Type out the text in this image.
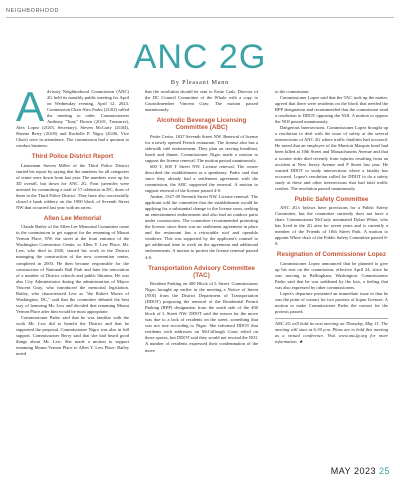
NEIGHBORHOOD
ANC 2G
By Pleasant Mann
A dvisory Neighborhood Commission (ANC) 2G held its monthly public meeting for April on Wednesday evening, April 12, 2023. Commission Chair Alex Padro (2G02) called the meeting to order. Commissioners Anthony "Tony" Brown (2G01, Treasurer), Alex Lopez (2G03, Secretary), Steven McCarty (2G04), Sheena Berry (2G05) and Rachelle P. Nigro (2G06, Vice Chair) were in attendance. The commission had a quorum to conduct business.

Third Police District Report

Lieutenant Steven Miller of the Third Police District started his report by saying that the numbers for all categories of crime were down from last year. The numbers were up for 3D overall, but down for ANC 2G. Four juveniles were arrested for committing a total of 17 robberies in DC, three of them in the Third Police District. They have also successfully closed a bank robbery on the 1900 block of Seventh Street NW that occurred last year with an arrest.

Allen Lee Memorial

Claude Bailey of the Allen Lee Memorial Committee came to the commission to get support for the renaming of Mount Vernon Place, NW, the street at the front entrance of the Washington Convention Center, to Allen Y. Lew Place. Mr. Lew, who died in 2020, started his work in the District managing the construction of the new convention center, completed in 2003. He then became responsible for the construction of Nationals Ball Park and later the renovation of a number of District schools and public libraries. He was also City Administrator during the administration of Mayor Vincent Gray, who introduced the memorial legislation. Bailey, who characterized Lew as "the Robert Moses of Washington, DC," said that the committee debated the best way of honoring Mr. Lew and decided that renaming Mount Vernon Place after him would be most appropriate.

Commissioner Padro said that he was familiar with the work Mr. Lew did to benefit the District and that he supported the proposal. Commissioner Nigro was also in full support. Commissioner Berry said that she had heard good things about Mr. Lew. She made a motion to support renaming Mount Vernon Place to Allen Y. Lew Place. Bailey noted

that the resolution should be sent to Ernie Cash, Director of the DC Council Committee of the Whole with a copy to Councilmember Vincent Gray. The motion passed unanimously.

Alcoholic Beverage Licensing Committee (ABC)

Petite Cerise, 1027 Seventh Street NW. Renewal of license for a newly opened French restaurant. The license also has a sidewalk café endorsement. They plan on serving breakfast, lunch and dinner. Commissioner Nigro made a motion to support the license renewal. The motion passed unanimously.

600 T, 600 T Street NW. License renewal. The owner described the establishment as a speakeasy. Padro said that since they already had a settlement agreement with the commission, the ABC supported the renewal. A motion to support renewal of the license passed 4-0.

Ambar, 1547-49 Seventh Street NW. License renewal. The applicant told the committee that the establishment would be applying for a substantial change to the license soon, seeking an entertainment endorsement and also had an outdoor patio under construction. The committee recommended protesting the license, since there was no settlement agreement in place and the restaurant has a retractable roof and operable windows. This was supported by the applicant's counsel to get additional time to work on the agreement and additional endorsements. A motion to protest the license renewal passed 4-0.

Transportation Advisory Committee (TAC)

Resident Parking on 400 Block of L Street. Commissioner Nigro brought up earlier in the meeting a Notice of Intent (NOI) from the District Department of Transportation (DDOT) proposing the removal of the Residential Permit Parking (RPP) designation from the north side of the 400 block of L Street NW. DDOT said the reason for the move was due to a lack of residents on the street, something that was not true according to Nigro. She informed DDOT that residents with addresses on McCullough Court relied on those spaces, but DDOT said they would not rescind the NOI. A number of residents expressed their condemnation of the move

to the commission.

Commissioner Lopez said that the TAC took up the matter, agreed that there were residents on the block that needed the RPP designation and recommended that the commission send a resolution to DDOT opposing the NOI. A motion to oppose the NOI passed unanimously.

Dangerous Intersections. Commissioner Lopez brought up a resolution to deal with the issue of safety at the several intersections of ANC 2G where traffic fatalities had occurred. He noted that an employee of the Marriott Marquis hotel had been killed at 10th Street and Massachusetts Avenue and that a scooter rider died recently from injuries resulting from an accident at New Jersey Avenue and P Street last year. He wanted DDOT to study intersections where a fatality has occurred. Lopez's resolution called for DDOT to do a safety study at these and other intersections that had fatal traffic crashes. The resolution passed unanimously.

Public Safety Committee

ANC 2G's bylaws have provisions for a Public Safety Committee, but the committee currently does not have a chair. Commissioner McCarty nominated Dylan White, who has lived in the 2G area for seven years and is currently a member of the Friends of 10th Street Park. A motion to appoint White chair of the Public Safety Committee passed 6-0.

Resignation of Commissioner Lopez

Commissioner Lopez announced that he planned to give up his seat on the commission, effective April 24, since he was moving to Bellingham, Washington. Commissioner Padro said that he was saddened by the loss, a feeling that was also expressed by other commissioners.

Lopez's departure presented an immediate issue in that he was the point of contact for two protests of liquor licenses. A motion to make Commissioner Padro the contact for the protests passed.

ANC 2G will hold its next meeting on Thursday, May 11. The meeting will start at 6:30 p.m. Plans are to hold this meeting as a virtual conference. Visit www.anc2g.org for more information. ★

MAY 2023 25
